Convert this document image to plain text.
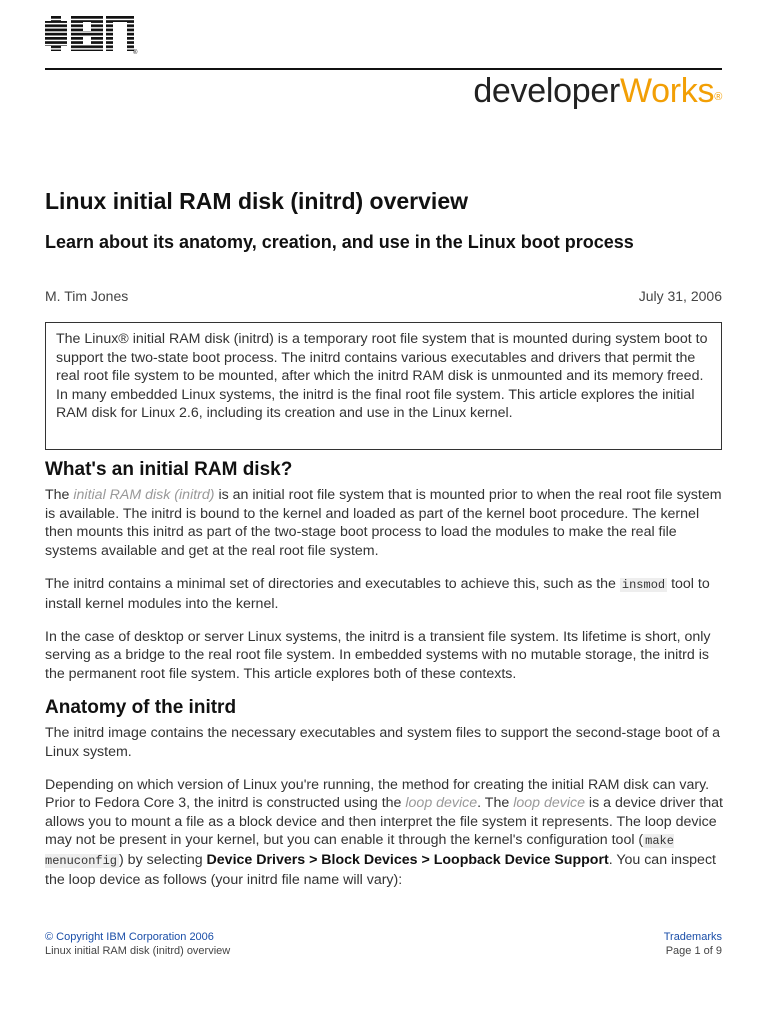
®
developerWorks®
Linux initial RAM disk (initrd) overview
Learn about its anatomy, creation, and use in the Linux boot process
M. Tim Jones	July 31, 2006
The Linux® initial RAM disk (initrd) is a temporary root file system that is mounted during system boot to support the two-state boot process. The initrd contains various executables and drivers that permit the real root file system to be mounted, after which the initrd RAM disk is unmounted and its memory freed. In many embedded Linux systems, the initrd is the final root file system. This article explores the initial RAM disk for Linux 2.6, including its creation and use in the Linux kernel.
What's an initial RAM disk?

The initial RAM disk (initrd) is an initial root file system that is mounted prior to when the real root file system is available. The initrd is bound to the kernel and loaded as part of the kernel boot procedure. The kernel then mounts this initrd as part of the two-stage boot process to load the modules to make the real file systems available and get at the real root file system.

The initrd contains a minimal set of directories and executables to achieve this, such as the insmod tool to install kernel modules into the kernel.

In the case of desktop or server Linux systems, the initrd is a transient file system. Its lifetime is short, only serving as a bridge to the real root file system. In embedded systems with no mutable storage, the initrd is the permanent root file system. This article explores both of these contexts.

Anatomy of the initrd

The initrd image contains the necessary executables and system files to support the second-stage boot of a Linux system.

Depending on which version of Linux you're running, the method for creating the initial RAM disk can vary. Prior to Fedora Core 3, the initrd is constructed using the loop device. The loop device is a device driver that allows you to mount a file as a block device and then interpret the file system it represents. The loop device may not be present in your kernel, but you can enable it through the kernel's configuration tool ( make menuconfig ) by selecting Device Drivers > Block Devices > Loopback Device Support. You can inspect the loop device as follows (your initrd file name will vary):

© Copyright IBM Corporation 2006
Linux initial RAM disk (initrd) overview
Trademarks
Page 1 of 9
